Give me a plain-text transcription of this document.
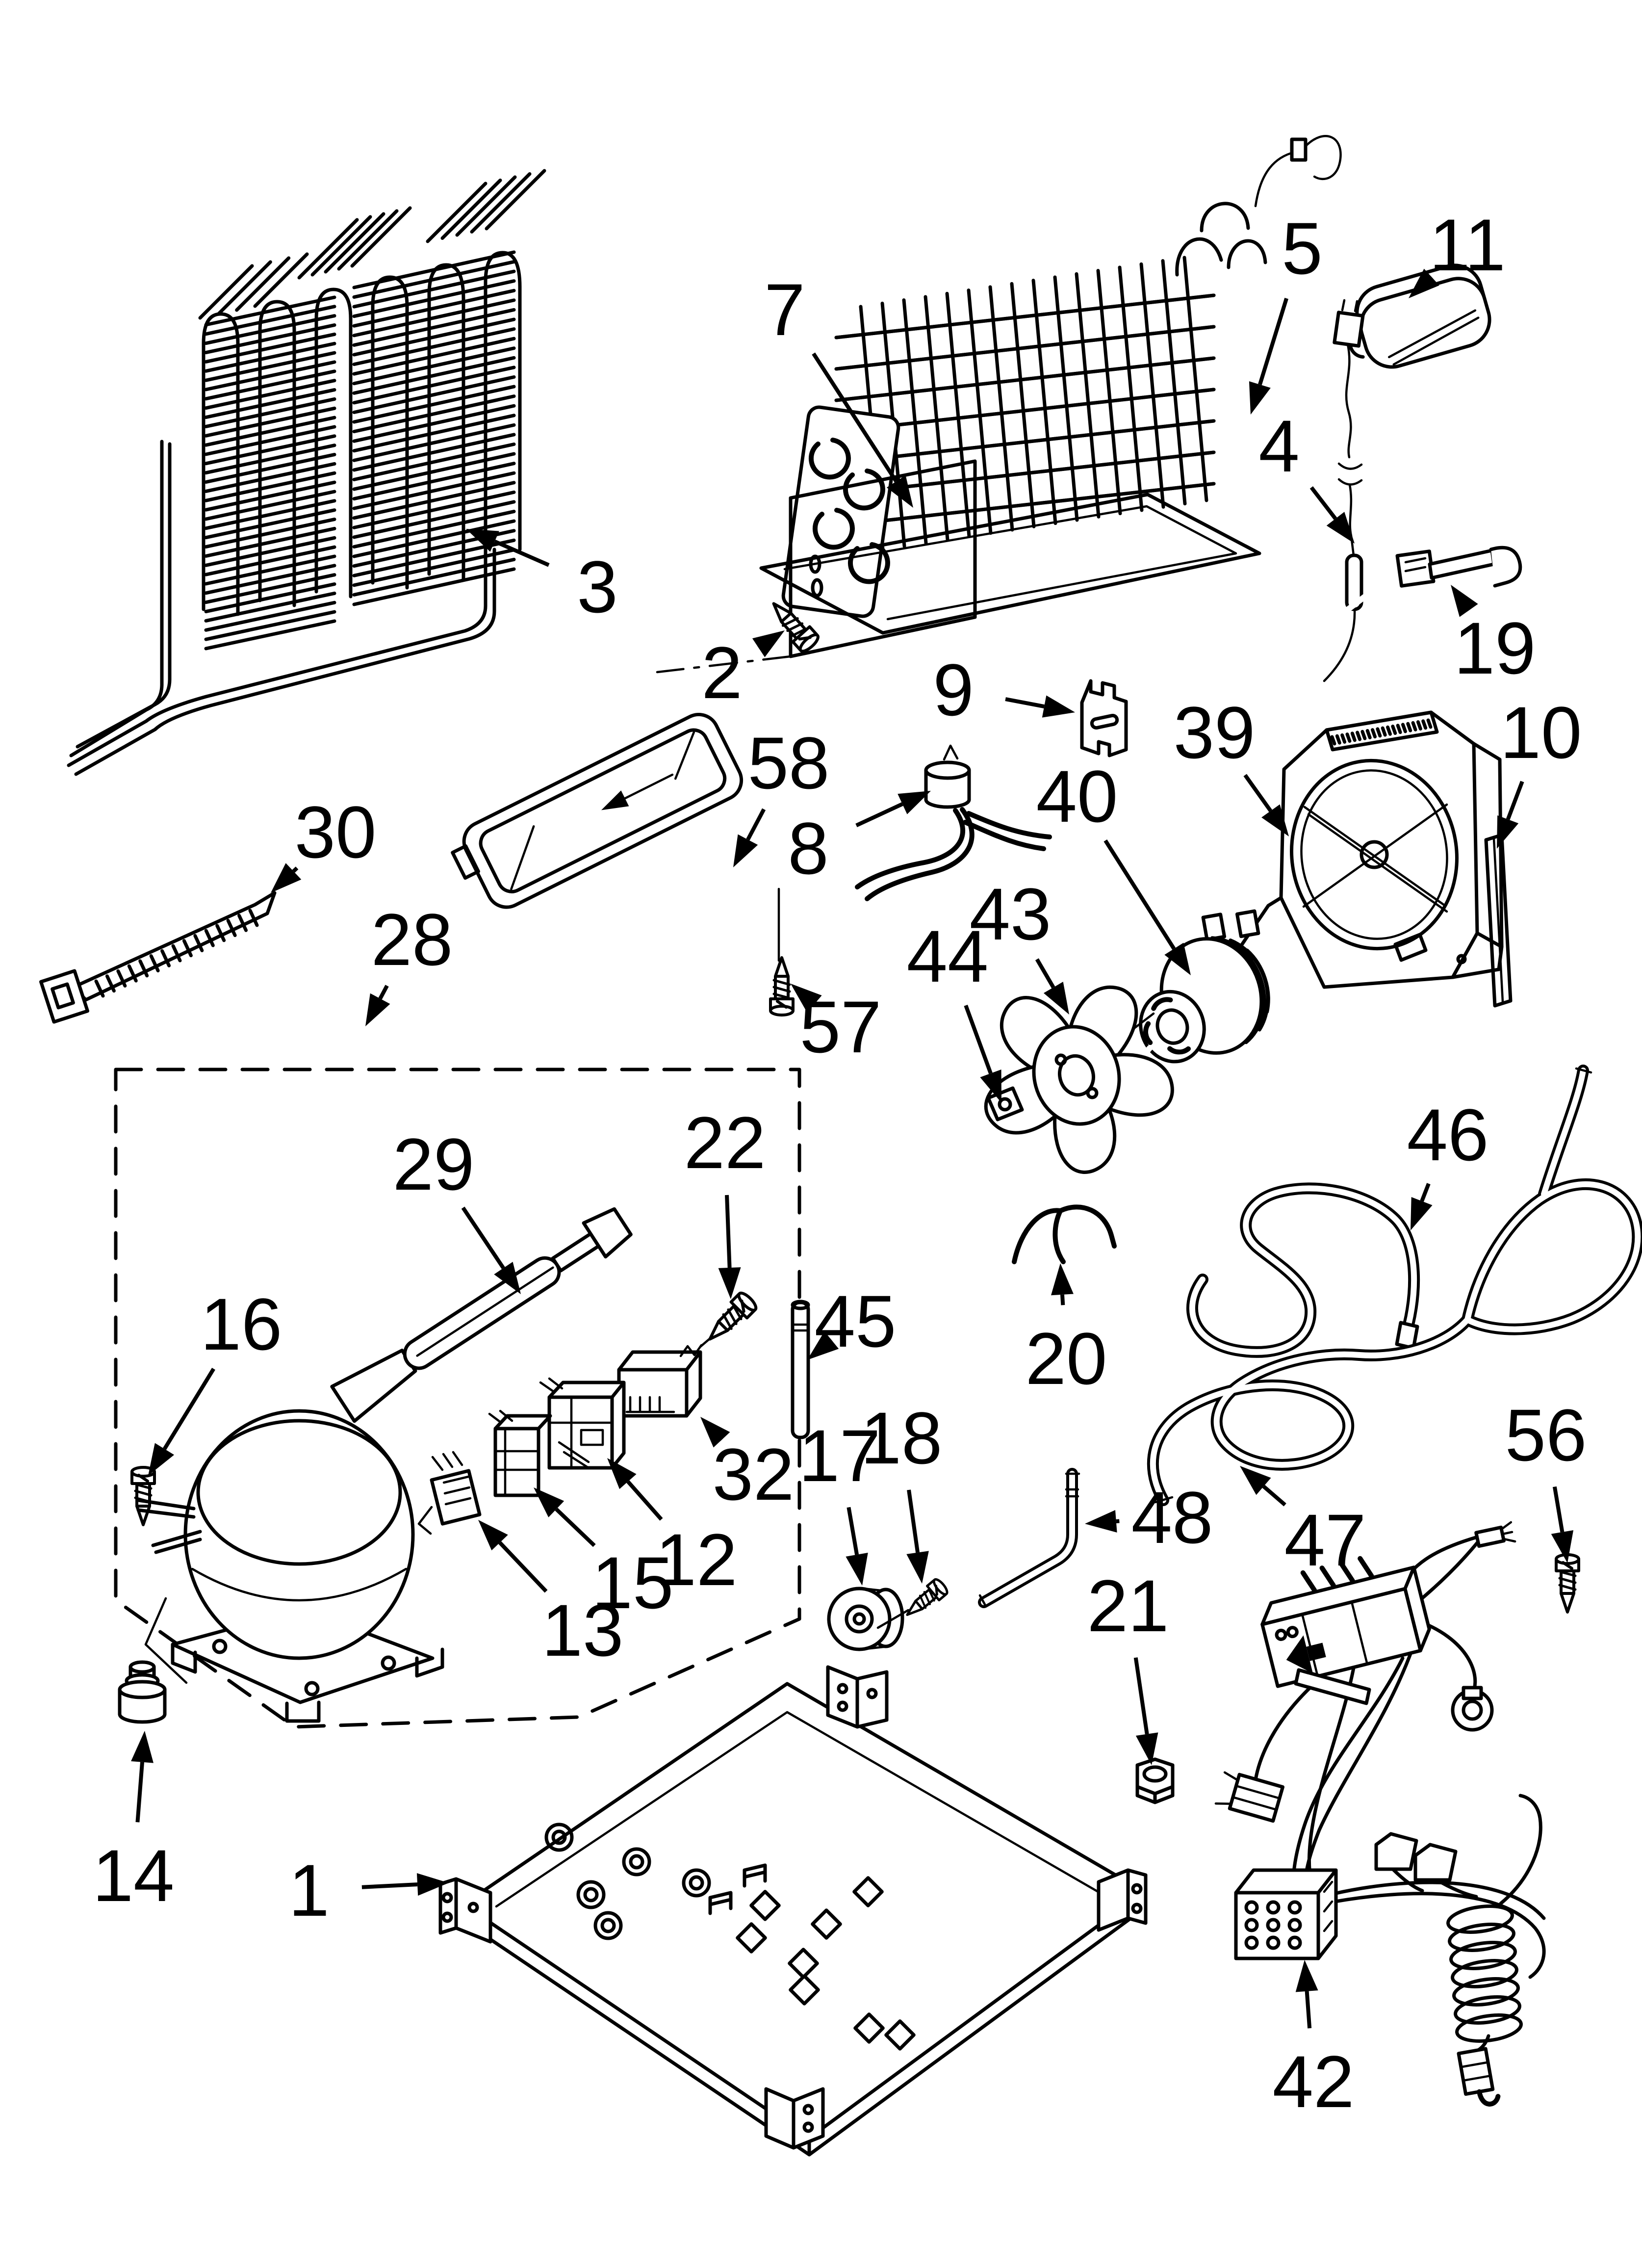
1
2
3
4
5
7
8
9
10
11
12
13
14
15
16
17
18
19
20
21
22
28
29
30
32
39
40
42
43
44
45
46
47
48
56
57
58
